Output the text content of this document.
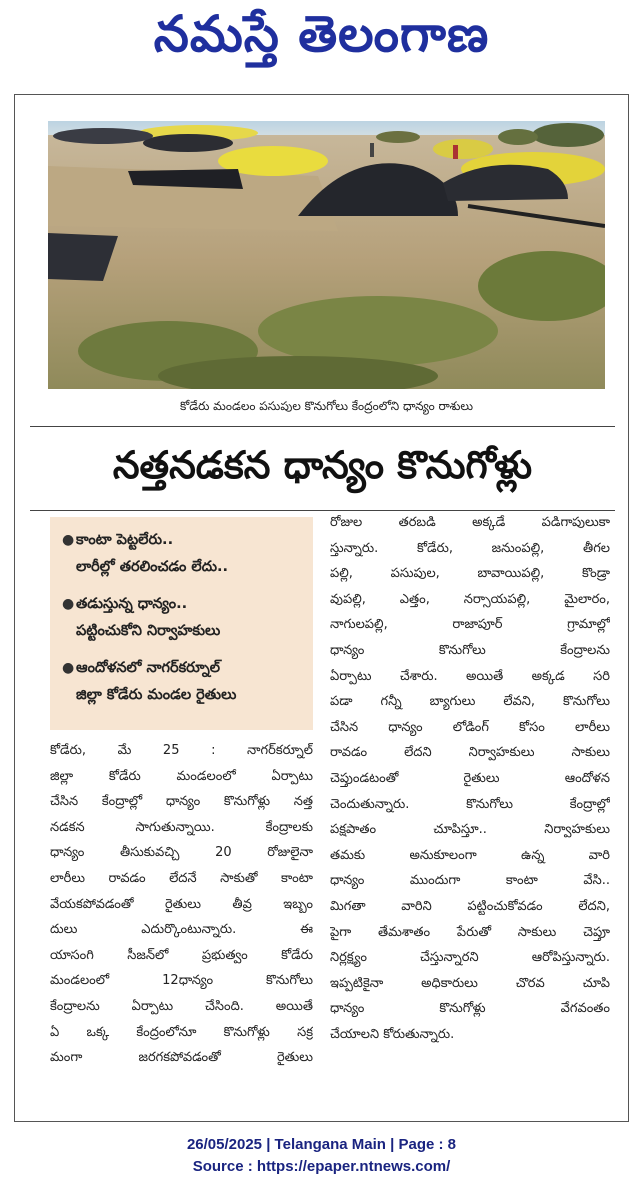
నమస్తే తెలంగాణ
కోడేరు మండలం పసుపుల కొనుగోలు కేంద్రంలోని ధాన్యం రాశులు
నత్తనడకన ధాన్యం కొనుగోళ్లు
● కాంటా పెట్టలేరు..
లారీల్లో తరలించడం లేదు..
● తడుస్తున్న ధాన్యం..
పట్టించుకోని నిర్వాహకులు
● ఆందోళనలో నాగర్‌కర్నూల్
జిల్లా కోడేరు మండల రైతులు
కోడేరు, మే 25 : నాగర్‌కర్నూల్
జిల్లా కోడేరు మండలంలో ఏర్పాటు
చేసిన కేంద్రాల్లో ధాన్యం కొనుగోళ్లు నత్త
నడకన సాగుతున్నాయి. కేంద్రాలకు
ధాన్యం తీసుకువచ్చి 20 రోజులైనా
లారీలు రావడం లేదనే సాకుతో కాంటా
వేయకపోవడంతో రైతులు తీవ్ర ఇబ్బం
దులు ఎదుర్కొంటున్నారు. ఈ
యాసంగి సీజన్‌లో ప్రభుత్వం కోడేరు
మండలంలో 12ధాన్యం కొనుగోలు
కేంద్రాలను ఏర్పాటు చేసింది. అయితే
ఏ ఒక్క కేంద్రంలోనూ కొనుగోళ్లు సక్ర
మంగా జరగకపోవడంతో రైతులు
రోజుల తరబడి అక్కడే పడిగాపులుకా
స్తున్నారు. కోడేరు, జనుంపల్లి, తీగల
పల్లి, పసుపుల, బావాయిపల్లి, కొండ్రా
వుపల్లి, ఎత్తం, నర్సాయపల్లి, మైలారం,
నాగులపల్లి, రాజాపూర్ గ్రామాల్లో
ధాన్యం కొనుగోలు కేంద్రాలను
ఏర్పాటు చేశారు. అయితే అక్కడ సరి
పడా గన్నీ బ్యాగులు లేవని, కొనుగోలు
చేసిన ధాన్యం లోడింగ్ కోసం లారీలు
రావడం లేదని నిర్వాహకులు సాకులు
చెప్తుండటంతో రైతులు ఆందోళన
చెందుతున్నారు. కొనుగోలు కేంద్రాల్లో
పక్షపాతం చూపిస్తూ.. నిర్వాహకులు
తమకు అనుకూలంగా ఉన్న వారి
ధాన్యం ముందుగా కాంటా వేసి..
మిగతా వారిని పట్టించుకోవడం లేదని,
పైగా తేమశాతం పేరుతో సాకులు చెప్తూ
నిర్లక్ష్యం చేస్తున్నారని ఆరోపిస్తున్నారు.
ఇప్పటికైనా అధికారులు చొరవ చూపి
ధాన్యం కొనుగోళ్లు వేగవంతం
చేయాలని కోరుతున్నారు.
26/05/2025 | Telangana Main | Page : 8
Source : https://epaper.ntnews.com/
